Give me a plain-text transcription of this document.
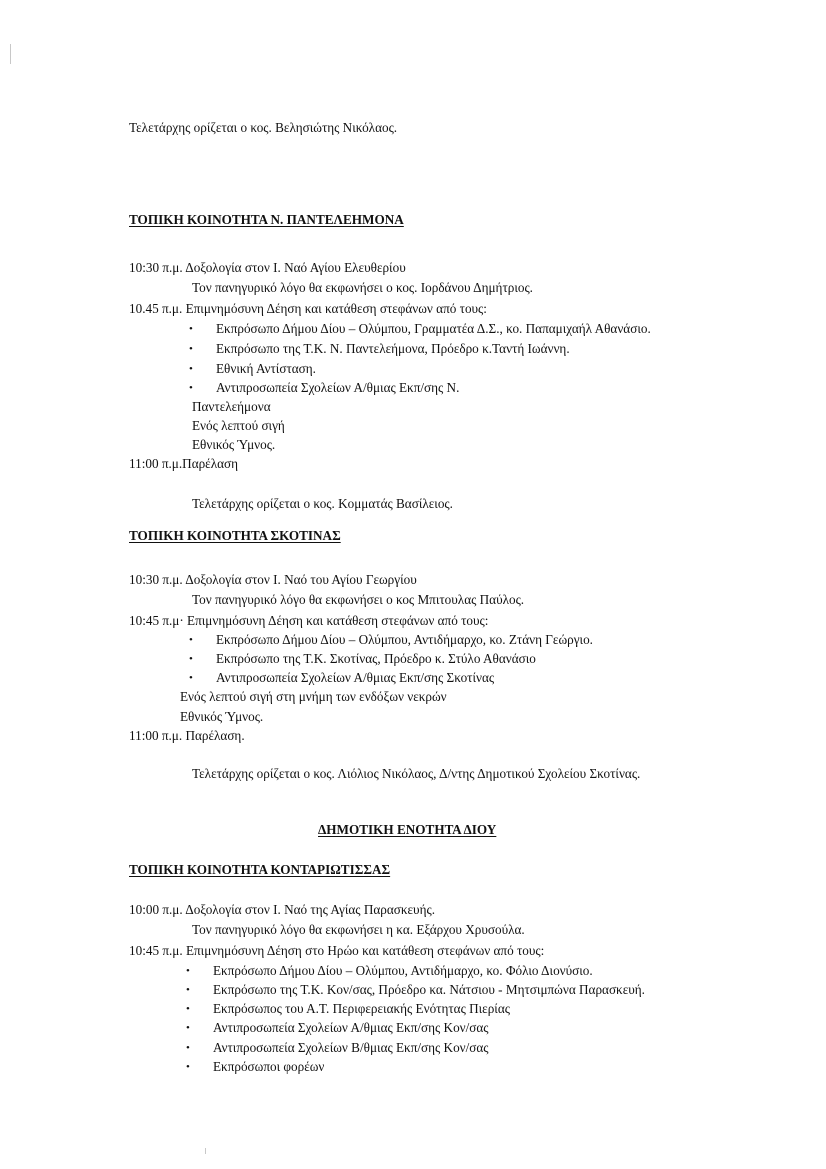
Τελετάρχης ορίζεται ο κος. Βελησιώτης Νικόλαος.
ΤΟΠΙΚΗ ΚΟΙΝΟΤΗΤΑ Ν. ΠΑΝΤΕΛΕΗΜΟΝΑ
10:30 π.μ. Δοξολογία στον Ι. Ναό Αγίου Ελευθερίου
Τον πανηγυρικό λόγο θα εκφωνήσει ο κος. Ιορδάνου Δημήτριος.
10.45 π.μ. Επιμνημόσυνη Δέηση και κατάθεση στεφάνων από τους:
• Εκπρόσωπο Δήμου Δίου – Ολύμπου, Γραμματέα Δ.Σ., κο. Παπαμιχαήλ Αθανάσιο.
• Εκπρόσωπο της Τ.Κ. Ν. Παντελεήμονα, Πρόεδρο κ.Ταντή Ιωάννη.
• Εθνική Αντίσταση.
• Αντιπροσωπεία Σχολείων Α/θμιας Εκπ/σης Ν.
Παντελεήμονα
Ενός λεπτού σιγή
Εθνικός Ύμνος.
11:00 π.μ.Παρέλαση
Τελετάρχης ορίζεται ο κος. Κομματάς Βασίλειος.
ΤΟΠΙΚΗ ΚΟΙΝΟΤΗΤΑ ΣΚΟΤΙΝΑΣ
10:30 π.μ. Δοξολογία στον Ι. Ναό του Αγίου Γεωργίου
Τον πανηγυρικό λόγο θα εκφωνήσει ο κος Μπιτουλας Παύλος.
10:45 π.μ· Επιμνημόσυνη Δέηση και κατάθεση στεφάνων από τους:
• Εκπρόσωπο Δήμου Δίου – Ολύμπου, Αντιδήμαρχο, κο. Ζτάνη Γεώργιο.
• Εκπρόσωπο της Τ.Κ. Σκοτίνας, Πρόεδρο κ. Στύλο Αθανάσιο
• Αντιπροσωπεία Σχολείων Α/θμιας Εκπ/σης Σκοτίνας
Ενός λεπτού σιγή στη μνήμη των ενδόξων νεκρών
Εθνικός Ύμνος.
11:00 π.μ. Παρέλαση.
Τελετάρχης ορίζεται ο κος. Λιόλιος Νικόλαος, Δ/ντης Δημοτικού Σχολείου Σκοτίνας.
ΔΗΜΟΤΙΚΗ ΕΝΟΤΗΤΑ ΔΙΟΥ
ΤΟΠΙΚΗ ΚΟΙΝΟΤΗΤΑ ΚΟΝΤΑΡΙΩΤΙΣΣΑΣ
10:00 π.μ. Δοξολογία στον Ι. Ναό της Αγίας Παρασκευής.
Τον πανηγυρικό λόγο θα εκφωνήσει η κα. Εξάρχου Χρυσούλα.
10:45 π.μ. Επιμνημόσυνη Δέηση στο Ηρώο και κατάθεση στεφάνων από τους:
• Εκπρόσωπο Δήμου Δίου – Ολύμπου, Αντιδήμαρχο, κο. Φόλιο Διονύσιο.
• Εκπρόσωπο της Τ.Κ. Κον/σας, Πρόεδρο κα. Νάτσιου - Μητσιμπώνα Παρασκευή.
• Εκπρόσωπος του Α.Τ. Περιφερειακής Ενότητας Πιερίας
• Αντιπροσωπεία Σχολείων Α/θμιας Εκπ/σης Κον/σας
• Αντιπροσωπεία Σχολείων Β/θμιας Εκπ/σης Κον/σας
• Εκπρόσωποι φορέων
